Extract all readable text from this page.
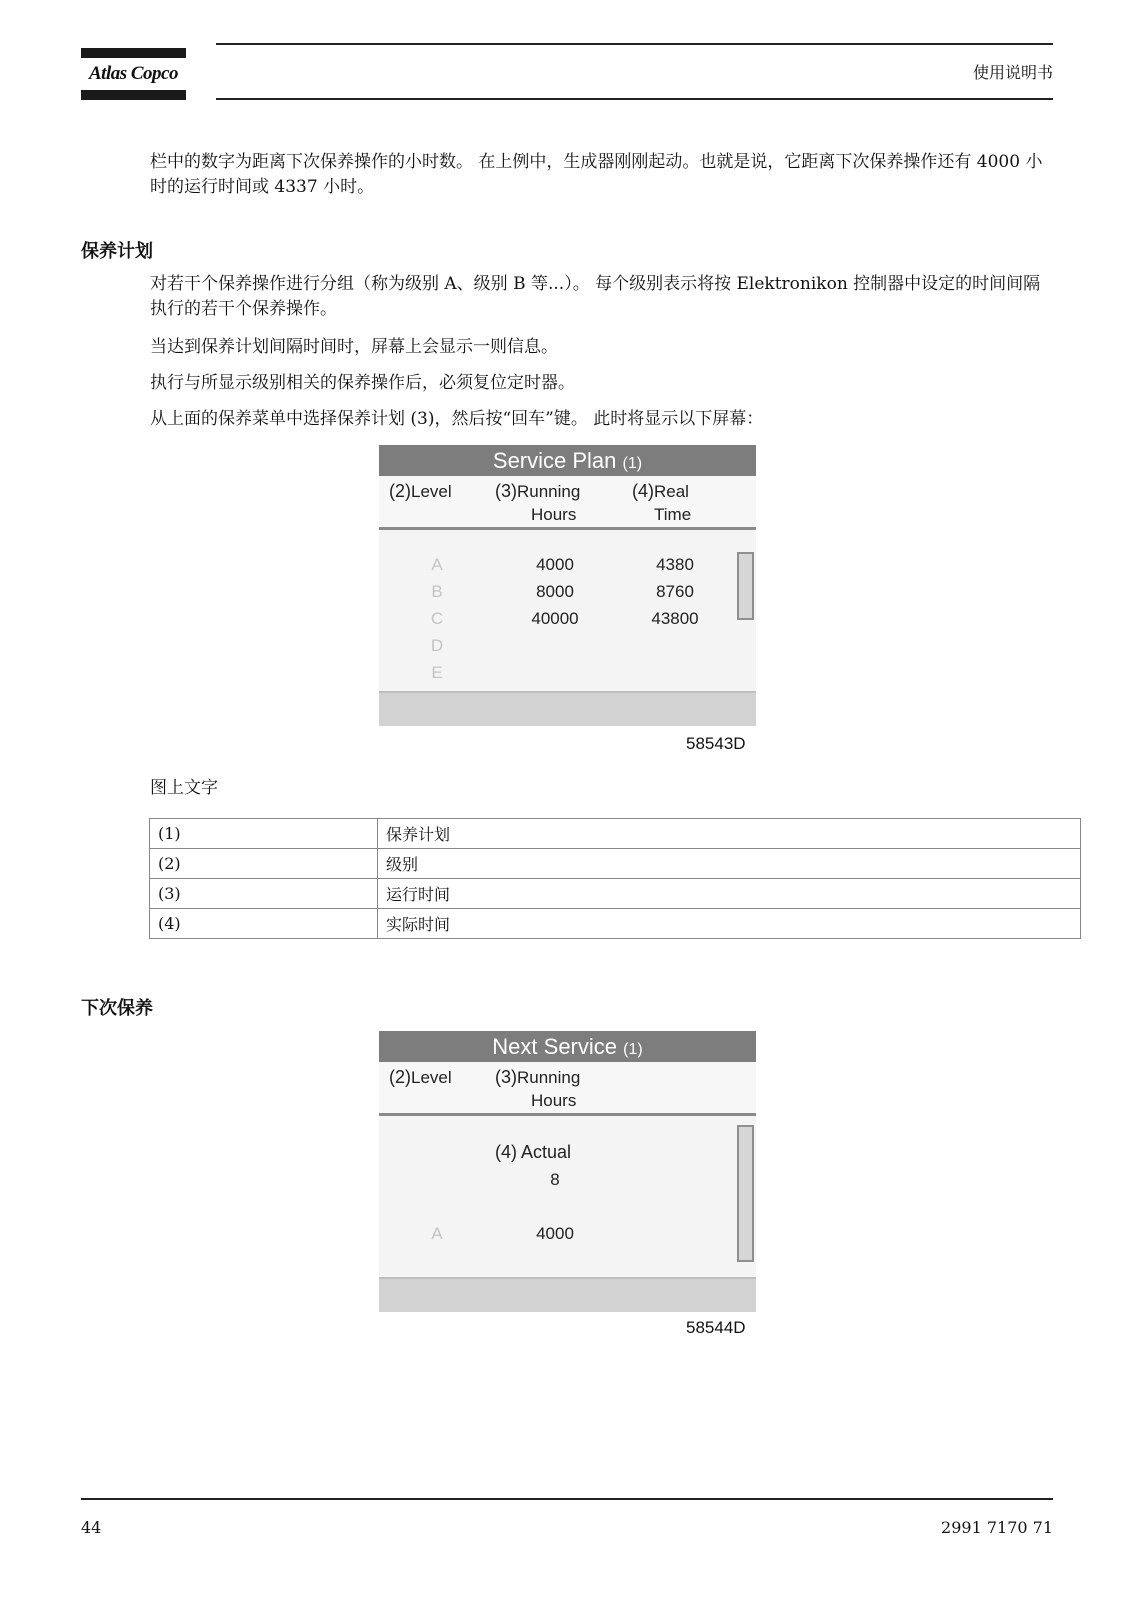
Atlas Copco	使用说明书

栏中的数字为距离下次保养操作的小时数。 在上例中，生成器刚刚起动。也就是说，它距离下次保养操作还有 4000 小时的运行时间或 4337 小时。

保养计划

对若干个保养操作进行分组（称为级别 A、级别 B 等...）。 每个级别表示将按 Elektronikon 控制器中设定的时间间隔执行的若干个保养操作。

当达到保养计划间隔时间时，屏幕上会显示一则信息。

执行与所显示级别相关的保养操作后，必须复位定时器。

从上面的保养菜单中选择保养计划 (3)，然后按“回车”键。 此时将显示以下屏幕：

Service Plan (1)
(2)Level (3)Running
Hours
(4)Real
Time
A	4000	4380
B	8000	8760
C	40000	43800
D
E
58543D
图上文字
(1)	保养计划
(2)	级别
(3)	运行时间
(4)	实际时间
下次保养
Next Service (1)
(2)Level (3)Running
Hours
(4) Actual
8
A	4000
58544D
44	2991 7170 71
